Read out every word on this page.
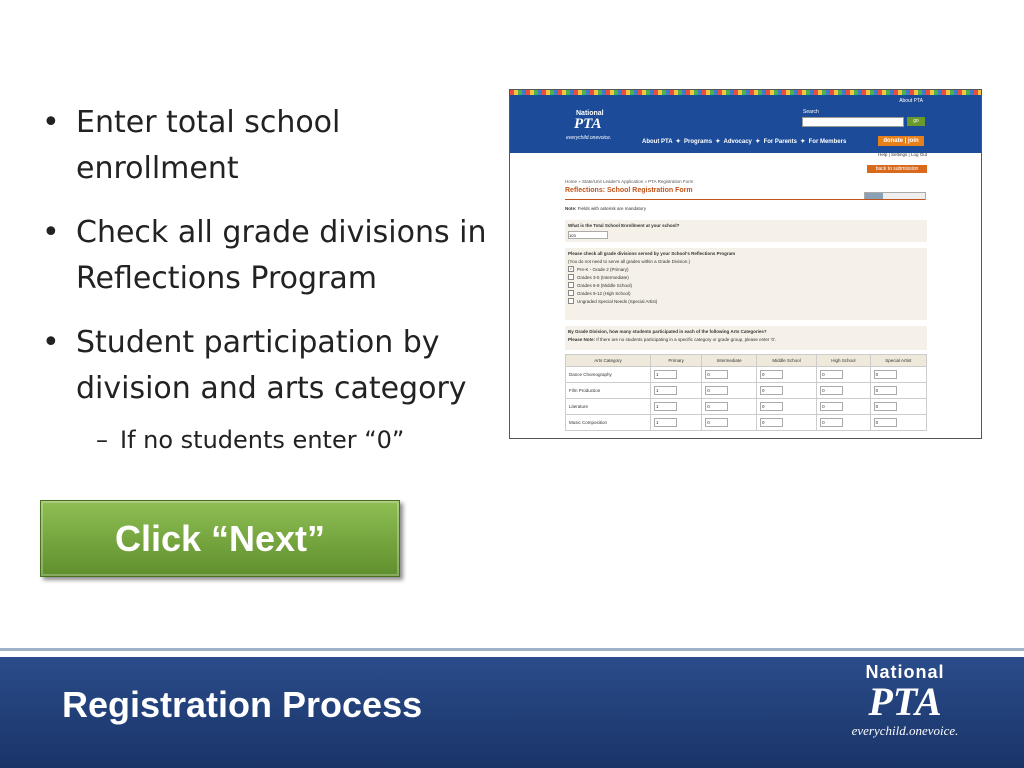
• Enter total school enrollment
• Check all grade divisions in Reflections Program
• Student participation by division and arts category
– If no students enter “0”
Click “Next”
About PTA
Search
go
National
PTA
everychild.onevoice.
About PTA  ✦  Programs  ✦  Advocacy  ✦  For Parents  ✦  For Members	donate | join
Help | Settings | Log Out
back to submission
Home » State/Unit Leader's Application » PTA Registration Form
Reflections: School Registration Form
Note: Fields with asterisk are mandatory
What is the Total School Enrollment at your school?
103
Please check all grade divisions served by your School's Reflections Program
(You do not need to serve all grades within a Grade Division.)
✓ Pre-K - Grade 2 (Primary)
Grades 3-5 (Intermediate)
Grades 6-8 (Middle School)
Grades 9-12 (High School)
Ungraded Special Needs (Special Artist)
By Grade Division, how many students participated in each of the following Arts Categories?
Please Note: If there are no students participating in a specific category or grade group, please enter '0'.
Arts Category	Primary	Intermediate	Middle School	High School	Special Artist
Dance Choreography	1	0	0	0	0
Film Production	1	0	0	0	0
Literature	1	0	0	0	0
Music Composition	1	0	0	0	0
Registration Process
National
PTA
everychild.onevoice.
